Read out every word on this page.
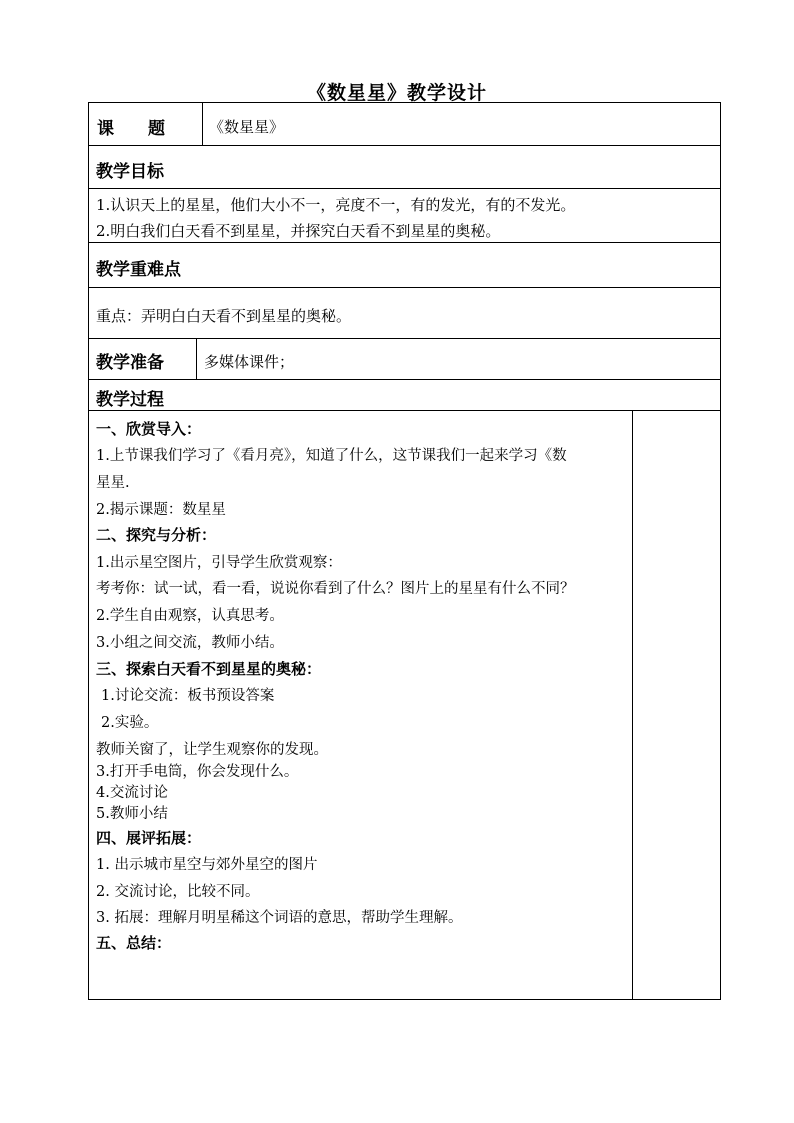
《数星星》教学设计
课　　题	《数星星》
教学目标
1.认识天上的星星，他们大小不一，亮度不一，有的发光，有的不发光。
2.明白我们白天看不到星星，并探究白天看不到星星的奥秘。
教学重难点
重点：弄明白白天看不到星星的奥秘。
教学准备	多媒体课件；
教学过程
一、欣赏导入：
1.上节课我们学习了《看月亮》，知道了什么，这节课我们一起来学习《数
星星.
2.揭示课题：数星星
二、探究与分析：
1.出示星空图片，引导学生欣赏观察：
考考你：试一试，看一看，说说你看到了什么？图片上的星星有什么不同？
2.学生自由观察，认真思考。
3.小组之间交流，教师小结。
三、探索白天看不到星星的奥秘：
1.讨论交流：板书预设答案
2.实验。
教师关窗了，让学生观察你的发现。
3.打开手电筒，你会发现什么。
4.交流讨论
5.教师小结
四、展评拓展：
1. 出示城市星空与郊外星空的图片
2. 交流讨论，比较不同。
3. 拓展：理解月明星稀这个词语的意思，帮助学生理解。
五、总结：
